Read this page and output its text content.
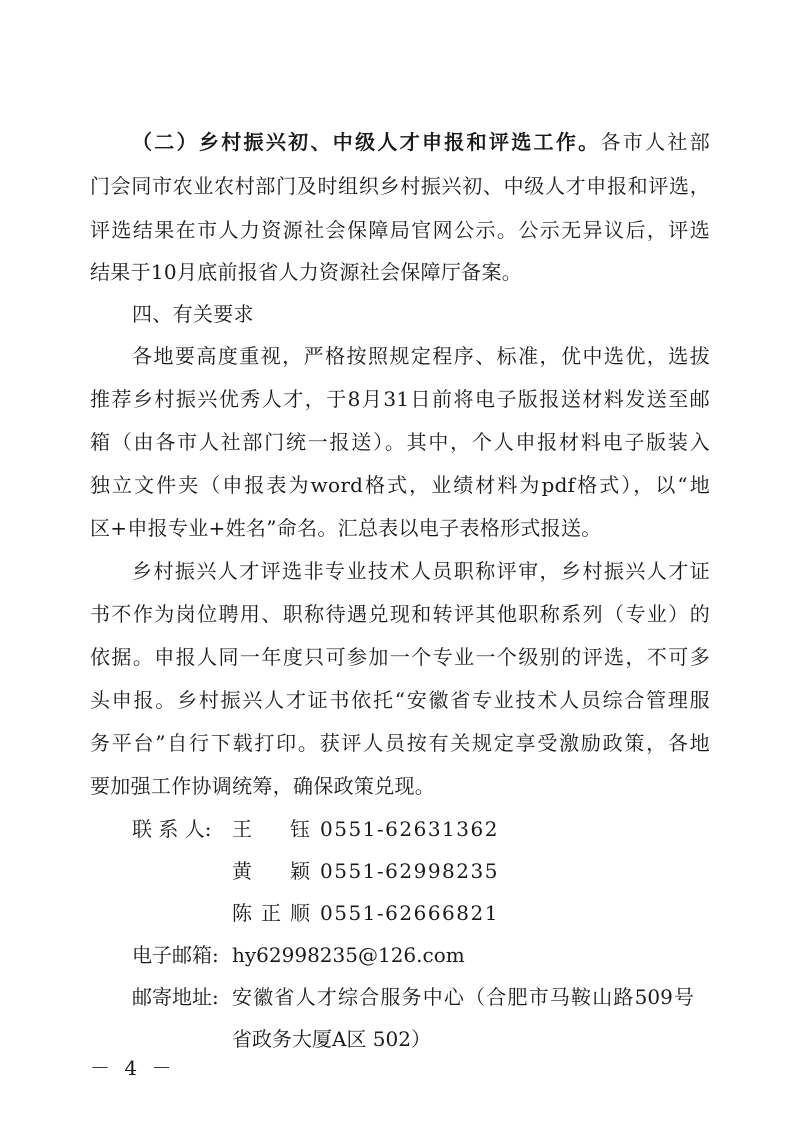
（二）乡村振兴初、中级人才申报和评选工作。各市人社部
门会同市农业农村部门及时组织乡村振兴初、中级人才申报和评选，
评选结果在市人力资源社会保障局官网公示。公示无异议后，评选
结果于10月底前报省人力资源社会保障厅备案。
四、有关要求
各地要高度重视，严格按照规定程序、标准，优中选优，选拔
推荐乡村振兴优秀人才，于8月31日前将电子版报送材料发送至邮
箱（由各市人社部门统一报送）。其中，个人申报材料电子版装入
独立文件夹（申报表为word格式，业绩材料为pdf格式），以“地
区+申报专业+姓名”命名。汇总表以电子表格形式报送。
乡村振兴人才评选非专业技术人员职称评审，乡村振兴人才证
书不作为岗位聘用、职称待遇兑现和转评其他职称系列（专业）的
依据。申报人同一年度只可参加一个专业一个级别的评选，不可多
头申报。乡村振兴人才证书依托“安徽省专业技术人员综合管理服
务平台”自行下载打印。获评人员按有关规定享受激励政策，各地
要加强工作协调统筹，确保政策兑现。
联 系 人: 王　钰 0551-62631362
黄　颖 0551-62998235
陈正顺 0551-62666821
电子邮箱: hy62998235@126.com
邮寄地址: 安徽省人才综合服务中心（合肥市马鞍山路509号
省政务大厦A区 502）
－ 4 －
